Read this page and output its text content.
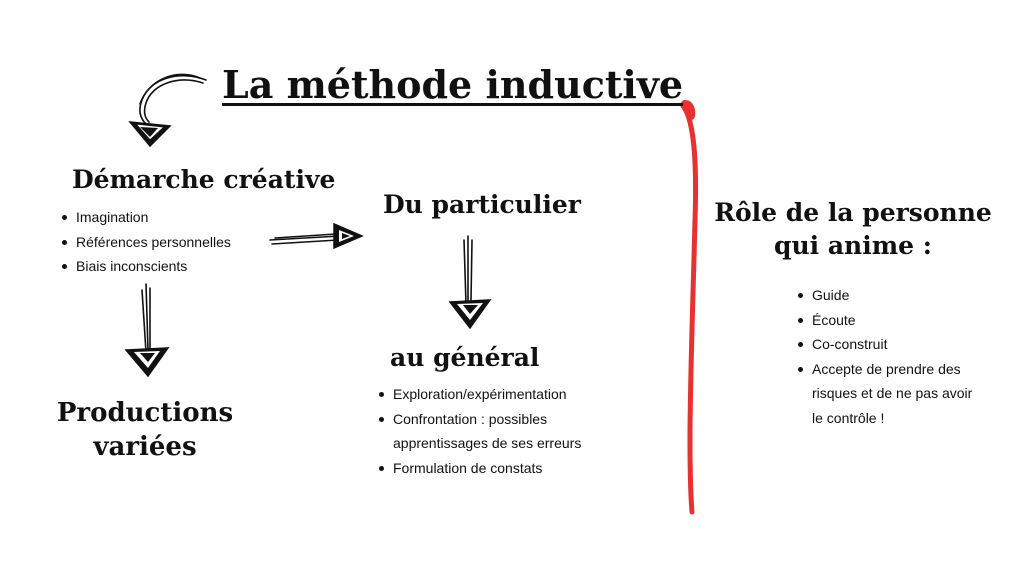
La méthode inductive
Démarche créative
Imagination
Références personnelles
Biais inconscients
Productions
variées
Du particulier
au général
Exploration/expérimentation
Confrontation : possibles apprentissages de ses erreurs
Formulation de constats
Rôle de la personne
qui anime :
Guide
Écoute
Co-construit
Accepte de prendre des risques et de ne pas avoir le contrôle !
